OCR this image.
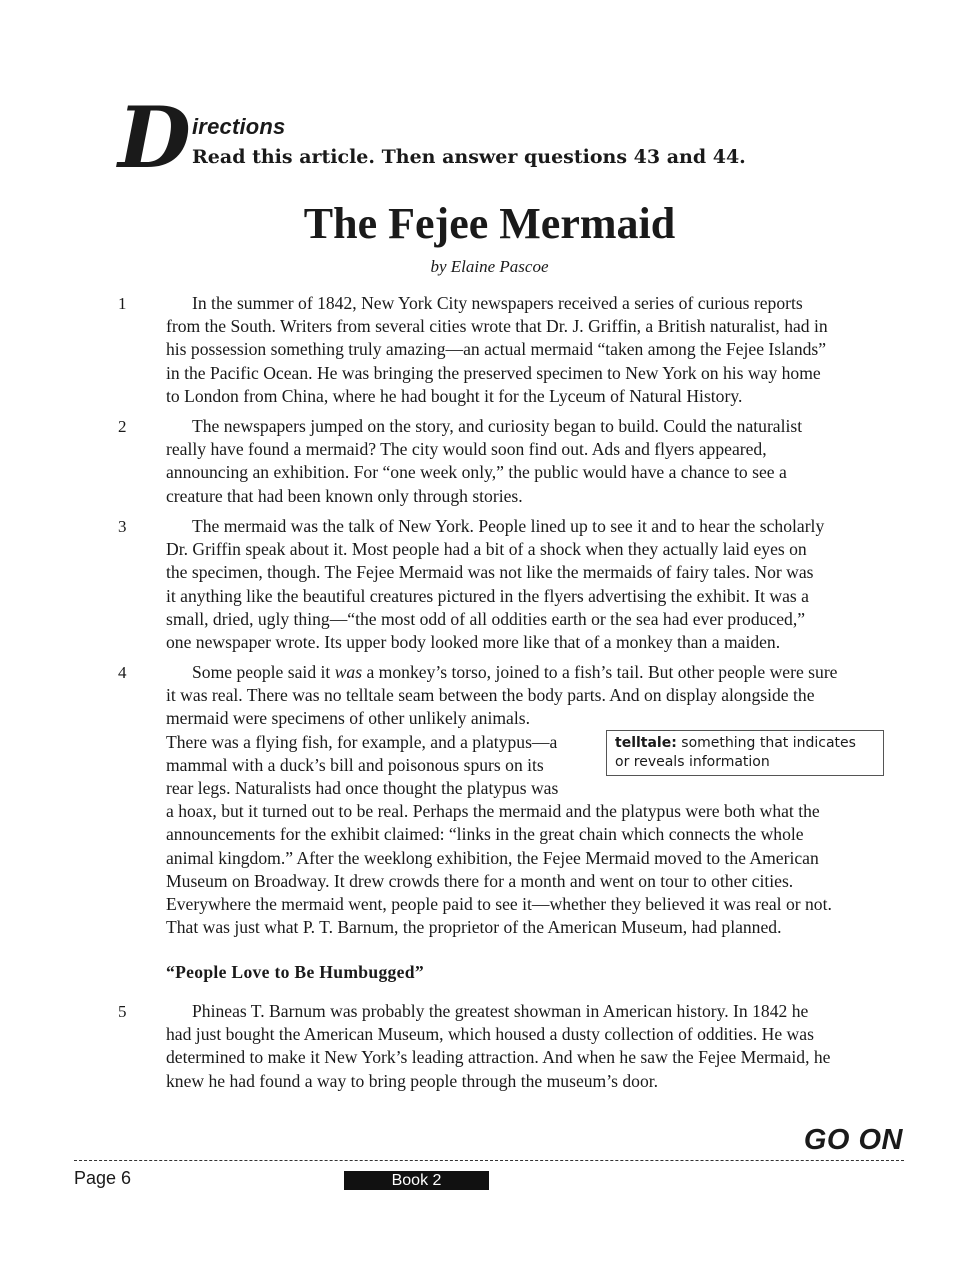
D irections
Read this article. Then answer questions 43 and 44.
The Fejee Mermaid
by Elaine Pascoe
1	In the summer of 1842, New York City newspapers received a series of curious reports
from the South. Writers from several cities wrote that Dr. J. Griffin, a British naturalist, had in
his possession something truly amazing—an actual mermaid “taken among the Fejee Islands”
in the Pacific Ocean. He was bringing the preserved specimen to New York on his way home
to London from China, where he had bought it for the Lyceum of Natural History.

2	The newspapers jumped on the story, and curiosity began to build. Could the naturalist
really have found a mermaid? The city would soon find out. Ads and flyers appeared,
announcing an exhibition. For “one week only,” the public would have a chance to see a
creature that had been known only through stories.

3	The mermaid was the talk of New York. People lined up to see it and to hear the scholarly
Dr. Griffin speak about it. Most people had a bit of a shock when they actually laid eyes on
the specimen, though. The Fejee Mermaid was not like the mermaids of fairy tales. Nor was
it anything like the beautiful creatures pictured in the flyers advertising the exhibit. It was a
small, dried, ugly thing—“the most odd of all oddities earth or the sea had ever produced,”
one newspaper wrote. Its upper body looked more like that of a monkey than a maiden.

4	Some people said it was a monkey’s torso, joined to a fish’s tail. But other people were sure
it was real. There was no telltale seam between the body parts. And on display alongside the
mermaid were specimens of other unlikely animals.
There was a flying fish, for example, and a platypus—a
mammal with a duck’s bill and poisonous spurs on its
rear legs. Naturalists had once thought the platypus was
a hoax, but it turned out to be real. Perhaps the mermaid and the platypus were both what the
announcements for the exhibit claimed: “links in the great chain which connects the whole
animal kingdom.” After the weeklong exhibition, the Fejee Mermaid moved to the American
Museum on Broadway. It drew crowds there for a month and went on tour to other cities.
Everywhere the mermaid went, people paid to see it—whether they believed it was real or not.
That was just what P. T. Barnum, the proprietor of the American Museum, had planned.

telltale: something that indicates
or reveals information
“People Love to Be Humbugged”
5	Phineas T. Barnum was probably the greatest showman in American history. In 1842 he
had just bought the American Museum, which housed a dusty collection of oddities. He was
determined to make it New York’s leading attraction. And when he saw the Fejee Mermaid, he
knew he had found a way to bring people through the museum’s door.

GO ON
Page 6	Book 2
